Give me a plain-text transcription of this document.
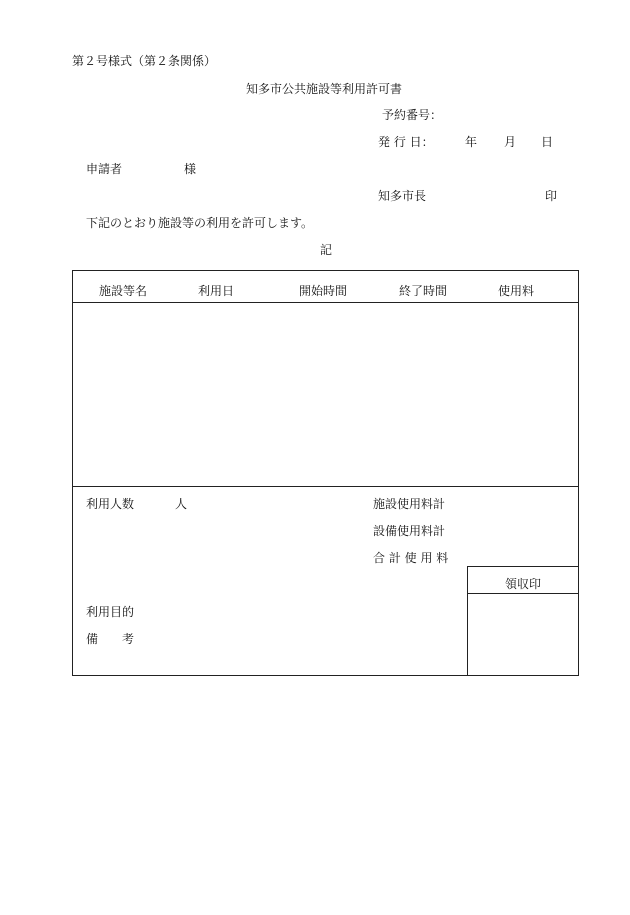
第２号様式（第２条関係）
知多市公共施設等利用許可書
予約番号：
発 行 日：	年 月 日
申請者	様
知多市長	印
下記のとおり施設等の利用を許可します。
記
施設等名	利用日	開始時間	終了時間	使用料
利用人数	人	施設使用料計
設備使用料計
合 計 使 用 料
領収印
利用目的
備　　考
